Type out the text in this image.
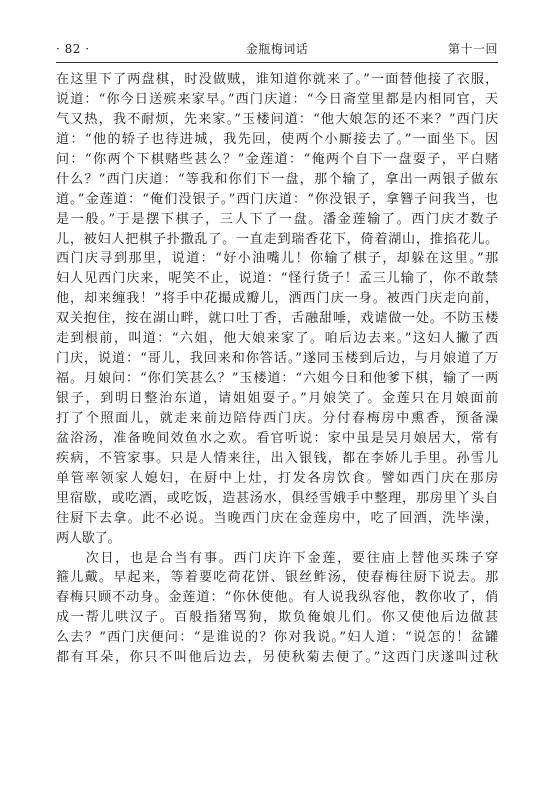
· 82 ·	金瓶梅词话	第十一回
在这里下了两盘棋，时没做贼，谁知道你就来了。”一面替他接了衣服，
说道：“你今日送殡来家早。”西门庆道：“今日斋堂里都是内相同官，天
气又热，我不耐烦，先来家。”玉楼问道：“他大娘怎的还不来？”西门庆
道：“他的轿子也待进城，我先回，使两个小厮接去了。”一面坐下。因
问：“你两个下棋赌些甚么？”金莲道：“俺两个自下一盘耍子，平白赌
什么？”西门庆道：“等我和你们下一盘，那个输了，拿出一两银子做东
道。”金莲道：“俺们没银子。”西门庆道：“你没银子，拿簪子问我当，也
是一般。”于是摆下棋子，三人下了一盘。潘金莲输了。西门庆才数子
儿，被妇人把棋子扑撒乱了。一直走到瑞香花下，倚着湖山，推掐花儿。
西门庆寻到那里，说道：“好小油嘴儿！你输了棋子，却躲在这里。”那
妇人见西门庆来，呢笑不止，说道：“怪行货子！孟三儿输了，你不敢禁
他，却来缠我！”将手中花撮成瓣儿，洒西门庆一身。被西门庆走向前，
双关抱住，按在湖山畔，就口吐丁香，舌融甜唾，戏谑做一处。不防玉楼
走到根前，叫道：“六姐，他大娘来家了。咱后边去来。”这妇人撇了西
门庆，说道：“哥儿，我回来和你答话。”遂同玉楼到后边，与月娘道了万
福。月娘问：“你们笑甚么？”玉楼道：“六姐今日和他爹下棋，输了一两
银子，到明日整治东道，请姐姐耍子。”月娘笑了。金莲只在月娘面前
打了个照面儿，就走来前边陪侍西门庆。分付春梅房中熏香，预备澡
盆浴汤，准备晚间效鱼水之欢。看官听说：家中虽是吴月娘居大，常有
疾病，不管家事。只是人情来往，出入银钱，都在李娇儿手里。孙雪儿
单管率领家人媳妇，在厨中上灶，打发各房饮食。譬如西门庆在那房
里宿歇，或吃酒，或吃饭，造甚汤水，俱经雪娥手中整理，那房里丫头自
往厨下去拿。此不必说。当晚西门庆在金莲房中，吃了回酒，洗毕澡，
两人歇了。
　　次日，也是合当有事。西门庆许下金莲，要往庙上替他买珠子穿
箍儿戴。早起来，等着要吃荷花饼、银丝鲊汤，使春梅往厨下说去。那
春梅只顾不动身。金莲道：“你休使他。有人说我纵容他，教你收了，俏
成一帮儿哄汉子。百般指猪骂狗，欺负俺娘儿们。你又使他后边做甚
么去？”西门庆便问：“是谁说的？你对我说。”妇人道：“说怎的！盆罐
都有耳朵，你只不叫他后边去，另使秋菊去便了。”这西门庆遂叫过秋
